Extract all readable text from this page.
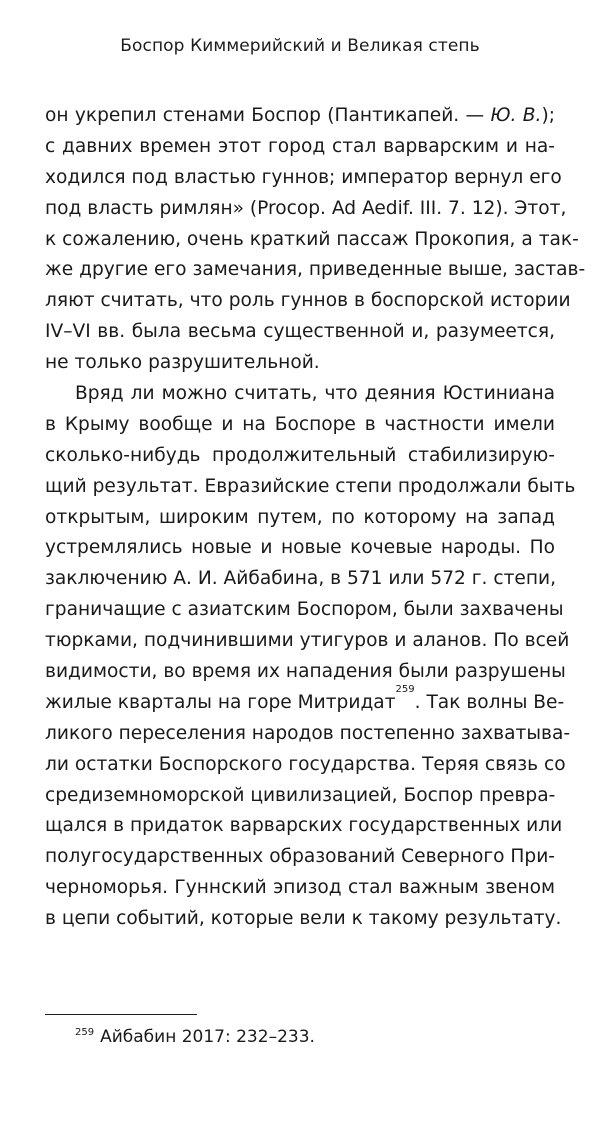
Боспор Киммерийский и Великая степь
он укрепил стенами Боспор (Пантикапей. — Ю. В.);
с давних времен этот город стал варварским и на-
ходился под властью гуннов; император вернул его
под власть римлян» (Procop. Ad Aedif. III. 7. 12). Этот,
к сожалению, очень краткий пассаж Прокопия, а так-
же другие его замечания, приведенные выше, застав-
ляют считать, что роль гуннов в боспорской истории
IV–VI вв. была весьма существенной и, разумеется,
не только разрушительной.
Вряд ли можно считать, что деяния Юстиниана
в Крыму вообще и на Боспоре в частности имели
сколько-нибудь продолжительный стабилизирую-
щий результат. Евразийские степи продолжали быть
открытым, широким путем, по которому на запад
устремлялись новые и новые кочевые народы. По
заключению А. И. Айбабина, в 571 или 572 г. степи,
граничащие с азиатским Боспором, были захвачены
тюрками, подчинившими утигуров и аланов. По всей
видимости, во время их нападения были разрушены
жилые кварталы на горе Митридат$^{259}$. Так волны Ве-
ликого переселения народов постепенно захватыва-
ли остатки Боспорского государства. Теряя связь со
средиземноморской цивилизацией, Боспор превра-
щался в придаток варварских государственных или
полугосударственных образований Северного При-
черноморья. Гуннский эпизод стал важным звеном
в цепи событий, которые вели к такому результату.
$^{259}$ Айбабин 2017: 232–233.
